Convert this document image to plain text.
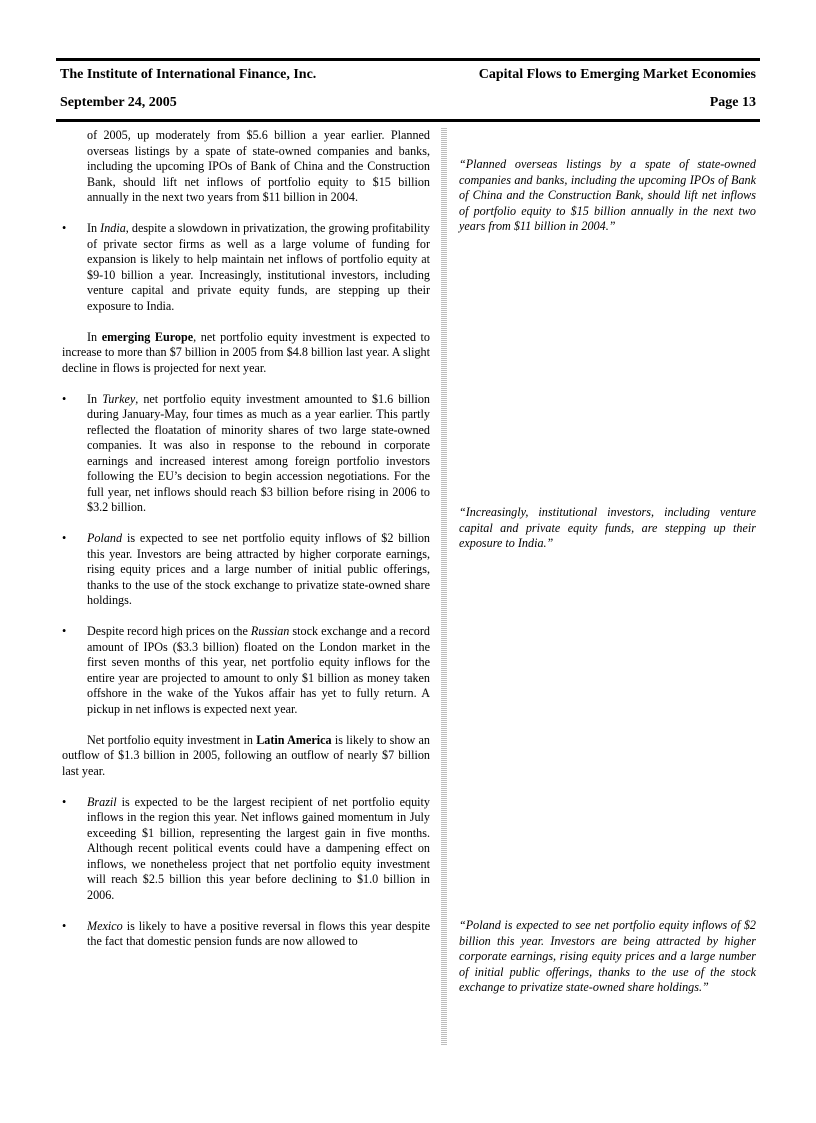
The Institute of International Finance, Inc.	Capital Flows to Emerging Market Economies
September 24, 2005	Page 13

of 2005, up moderately from $5.6 billion a year earlier. Planned overseas listings by a spate of state-owned companies and banks, including the upcoming IPOs of Bank of China and the Construction Bank, should lift net inflows of portfolio equity to $15 billion annually in the next two years from $11 billion in 2004.

• In India, despite a slowdown in privatization, the growing profitability of private sector firms as well as a large volume of funding for expansion is likely to help maintain net inflows of portfolio equity at $9-10 billion a year. Increasingly, institutional investors, including venture capital and private equity funds, are stepping up their exposure to India.

In emerging Europe, net portfolio equity investment is expected to increase to more than $7 billion in 2005 from $4.8 billion last year. A slight decline in flows is projected for next year.

• In Turkey, net portfolio equity investment amounted to $1.6 billion during January-May, four times as much as a year earlier. This partly reflected the floatation of minority shares of two large state-owned companies. It was also in response to the rebound in corporate earnings and increased interest among foreign portfolio investors following the EU’s decision to begin accession negotiations. For the full year, net inflows should reach $3 billion before rising in 2006 to $3.2 billion.

• Poland is expected to see net portfolio equity inflows of $2 billion this year. Investors are being attracted by higher corporate earnings, rising equity prices and a large number of initial public offerings, thanks to the use of the stock exchange to privatize state-owned share holdings.

• Despite record high prices on the Russian stock exchange and a record amount of IPOs ($3.3 billion) floated on the London market in the first seven months of this year, net portfolio equity inflows for the entire year are projected to amount to only $1 billion as money taken offshore in the wake of the Yukos affair has yet to fully return. A pickup in net inflows is expected next year.

Net portfolio equity investment in Latin America is likely to show an outflow of $1.3 billion in 2005, following an outflow of nearly $7 billion last year.

• Brazil is expected to be the largest recipient of net portfolio equity inflows in the region this year. Net inflows gained momentum in July exceeding $1 billion, representing the largest gain in five months. Although recent political events could have a dampening effect on inflows, we nonetheless project that net portfolio equity investment will reach $2.5 billion this year before declining to $1.0 billion in 2006.

• Mexico is likely to have a positive reversal in flows this year despite the fact that domestic pension funds are now allowed to

“Planned overseas listings by a spate of state-owned companies and banks, including the upcoming IPOs of Bank of China and the Construction Bank, should lift net inflows of portfolio equity to $15 billion annually in the next two years from $11 billion in 2004.”

“Increasingly, institutional investors, including venture capital and private equity funds, are stepping up their exposure to India.”

“Poland is expected to see net portfolio equity inflows of $2 billion this year. Investors are being attracted by higher corporate earnings, rising equity prices and a large number of initial public offerings, thanks to the use of the stock exchange to privatize state-owned share holdings.”
